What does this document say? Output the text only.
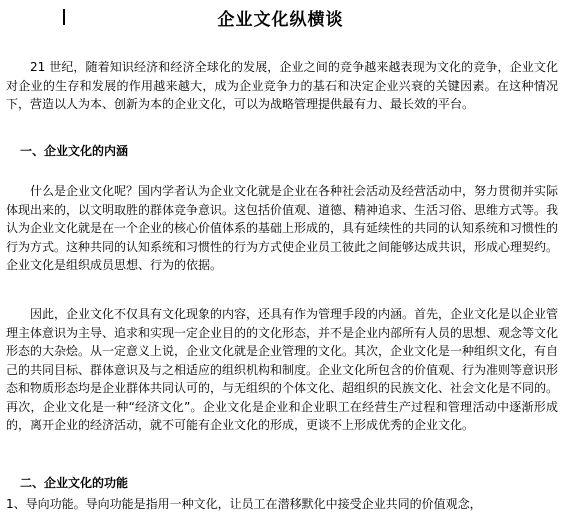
企业文化纵横谈
21 世纪，随着知识经济和经济全球化的发展，企业之间的竞争越来越表现为文化的竞争，企业文化对企业的生存和发展的作用越来越大，成为企业竞争力的基石和决定企业兴衰的关键因素。在这种情况下，营造以人为本、创新为本的企业文化，可以为战略管理提供最有力、最长效的平台。
一、企业文化的内涵
什么是企业文化呢？国内学者认为企业文化就是企业在各种社会活动及经营活动中，努力贯彻并实际体现出来的，以文明取胜的群体竞争意识。这包括价值观、道德、精神追求、生活习俗、思维方式等。我认为企业文化就是在一个企业的核心价值体系的基础上形成的，具有延续性的共同的认知系统和习惯性的行为方式。这种共同的认知系统和习惯性的行为方式使企业员工彼此之间能够达成共识，形成心理契约。企业文化是组织成员思想、行为的依据。
因此，企业文化不仅具有文化现象的内容，还具有作为管理手段的内涵。首先，企业文化是以企业管理主体意识为主导、追求和实现一定企业目的的文化形态，并不是企业内部所有人员的思想、观念等文化形态的大杂烩。从一定意义上说，企业文化就是企业管理的文化。其次，企业文化是一种组织文化，有自己的共同目标、群体意识及与之相适应的组织机构和制度。企业文化所包含的价值观、行为准则等意识形态和物质形态均是企业群体共同认可的，与无组织的个体文化、超组织的民族文化、社会文化是不同的。再次，企业文化是一种“经济文化”。企业文化是企业和企业职工在经营生产过程和管理活动中逐渐形成的，离开企业的经济活动，就不可能有企业文化的形成，更谈不上形成优秀的企业文化。
二、企业文化的功能
1、导向功能。导向功能是指用一种文化，让员工在潜移默化中接受企业共同的价值观念，
